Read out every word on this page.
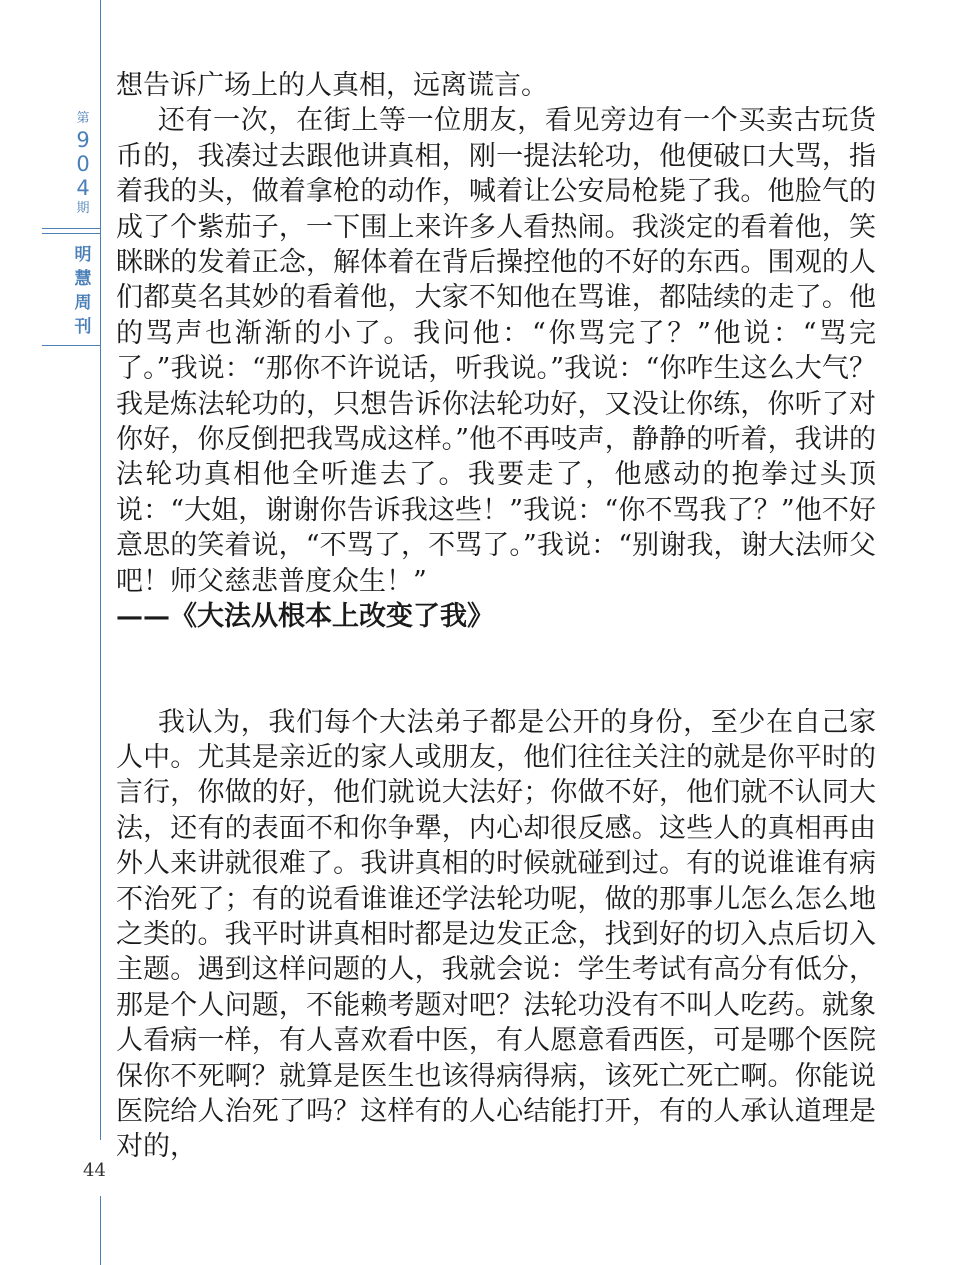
第
9
0
4
期
明
慧
周
刊
44

想告诉广场上的人真相，远离谎言。

还有一次，在街上等一位朋友，看见旁边有一个买卖古玩货币的，我凑过去跟他讲真相，刚一提法轮功，他便破口大骂，指着我的头，做着拿枪的动作，喊着让公安局枪毙了我。他脸气的成了个紫茄子，一下围上来许多人看热闹。我淡定的看着他，笑眯眯的发着正念，解体着在背后操控他的不好的东西。围观的人们都莫名其妙的看着他，大家不知他在骂谁，都陆续的走了。他的骂声也渐渐的小了。我问他：“你骂完了？”他说：“骂完了。”我说：“那你不许说话，听我说。”我说：“你咋生这么大气？我是炼法轮功的，只想告诉你法轮功好，又没让你练，你听了对你好，你反倒把我骂成这样。”他不再吱声，静静的听着，我讲的法轮功真相他全听進去了。我要走了，他感动的抱拳过头顶说：“大姐，谢谢你告诉我这些！”我说：“你不骂我了？”他不好意思的笑着说，“不骂了，不骂了。”我说：“别谢我，谢大法师父吧！师父慈悲普度众生！”

——《大法从根本上改变了我》

我认为，我们每个大法弟子都是公开的身份，至少在自己家人中。尤其是亲近的家人或朋友，他们往往关注的就是你平时的言行，你做的好，他们就说大法好；你做不好，他们就不认同大法，还有的表面不和你争犟，内心却很反感。这些人的真相再由外人来讲就很难了。我讲真相的时候就碰到过。有的说谁谁有病不治死了；有的说看谁谁还学法轮功呢，做的那事儿怎么怎么地之类的。我平时讲真相时都是边发正念，找到好的切入点后切入主题。遇到这样问题的人，我就会说：学生考试有高分有低分，那是个人问题，不能赖考题对吧？法轮功没有不叫人吃药。就象人看病一样，有人喜欢看中医，有人愿意看西医，可是哪个医院保你不死啊？就算是医生也该得病得病，该死亡死亡啊。你能说医院给人治死了吗？这样有的人心结能打开，有的人承认道理是对的，
